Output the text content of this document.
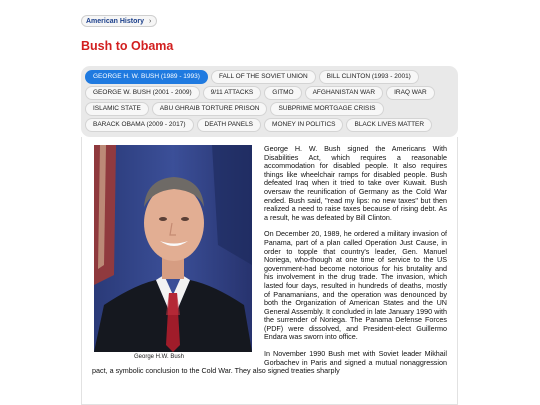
American History ›
Bush to Obama
GEORGE H. W. BUSH (1989 - 1993)	FALL OF THE SOVIET UNION	BILL CLINTON (1993 - 2001)
GEORGE W. BUSH (2001 - 2009)	9/11 ATTACKS	GITMO	AFGHANISTAN WAR	IRAQ WAR
ISLAMIC STATE	ABU GHRAIB TORTURE PRISON	SUBPRIME MORTGAGE CRISIS
BARACK OBAMA (2009 - 2017)	DEATH PANELS	MONEY IN POLITICS	BLACK LIVES MATTER
George H.W. Bush

George H. W. Bush signed the Americans With Disabilities Act, which requires a reasonable accommodation for disabled people. It also requires things like wheelchair ramps for disabled people. Bush defeated Iraq when it tried to take over Kuwait. Bush oversaw the reunification of Germany as the Cold War ended. Bush said, "read my lips: no new taxes" but then realized a need to raise taxes because of rising debt. As a result, he was defeated by Bill Clinton.

On December 20, 1989, he ordered a military invasion of Panama, part of a plan called Operation Just Cause, in order to topple that country's leader, Gen. Manuel Noriega, who-though at one time of service to the US government-had become notorious for his brutality and his involvement in the drug trade. The invasion, which lasted four days, resulted in hundreds of deaths, mostly of Panamanians, and the operation was denounced by both the Organization of American States and the UN General Assembly. It concluded in late January 1990 with the surrender of Noriega. The Panama Defense Forces (PDF) were dissolved, and President-elect Guillermo Endara was sworn into office.

In November 1990 Bush met with Soviet leader Mikhail Gorbachev in Paris and signed a mutual nonaggression pact, a symbolic conclusion to the Cold War. They also signed treaties sharply
